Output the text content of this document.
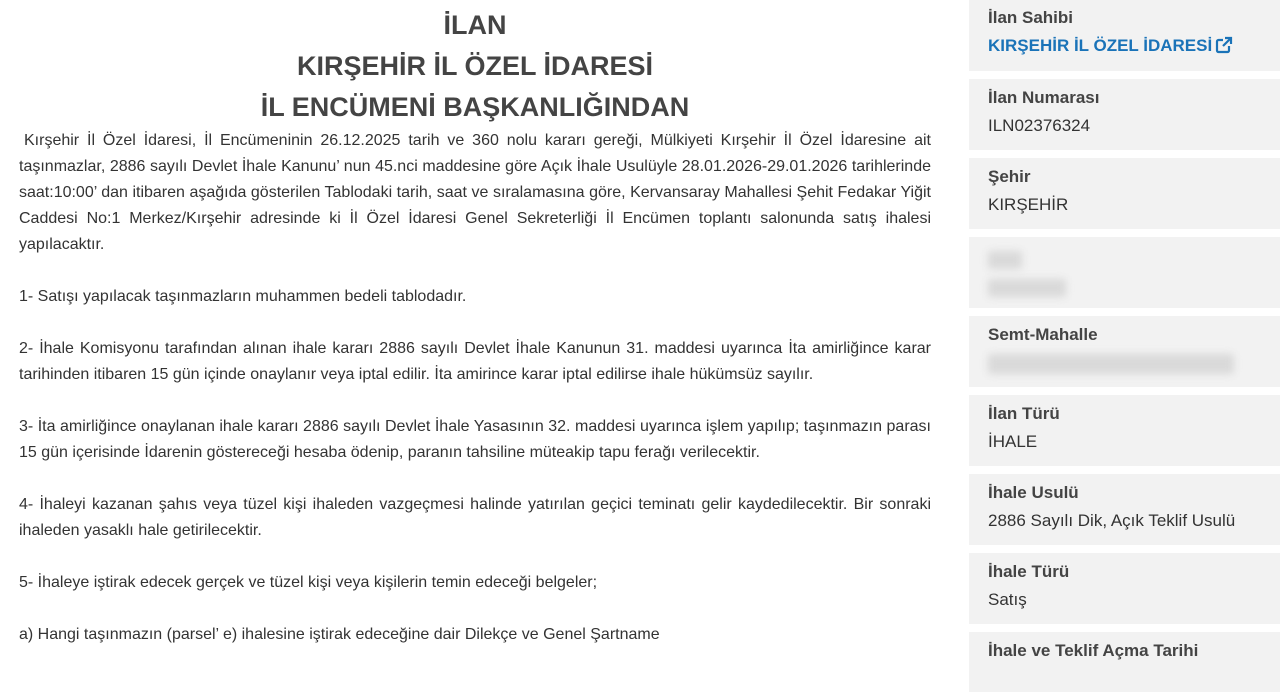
İLAN
KIRŞEHİR İL ÖZEL İDARESİ
İL ENCÜMENİ BAŞKANLIĞINDAN

Kırşehir İl Özel İdaresi, İl Encümeninin 26.12.2025 tarih ve 360 nolu kararı gereği, Mülkiyeti Kırşehir İl Özel İdaresine ait taşınmazlar, 2886 sayılı Devlet İhale Kanunu’ nun 45.nci maddesine göre Açık İhale Usulüyle 28.01.2026-29.01.2026 tarihlerinde saat:10:00’ dan itibaren aşağıda gösterilen Tablodaki tarih, saat ve sıralamasına göre, Kervansaray Mahallesi Şehit Fedakar Yiğit Caddesi No:1 Merkez/Kırşehir adresinde ki İl Özel İdaresi Genel Sekreterliği İl Encümen toplantı salonunda satış ihalesi yapılacaktır.

1- Satışı yapılacak taşınmazların muhammen bedeli tablodadır.

2- İhale Komisyonu tarafından alınan ihale kararı 2886 sayılı Devlet İhale Kanunun 31. maddesi uyarınca İta amirliğince karar tarihinden itibaren 15 gün içinde onaylanır veya iptal edilir. İta amirince karar iptal edilirse ihale hükümsüz sayılır.

3- İta amirliğince onaylanan ihale kararı 2886 sayılı Devlet İhale Yasasının 32. maddesi uyarınca işlem yapılıp; taşınmazın parası 15 gün içerisinde İdarenin göstereceği hesaba ödenip, paranın tahsiline müteakip tapu ferağı verilecektir.

4- İhaleyi kazanan şahıs veya tüzel kişi ihaleden vazgeçmesi halinde yatırılan geçici teminatı gelir kaydedilecektir. Bir sonraki ihaleden yasaklı hale getirilecektir.

5- İhaleye iştirak edecek gerçek ve tüzel kişi veya kişilerin temin edeceği belgeler;

a) Hangi taşınmazın (parsel’ e) ihalesine iştirak edeceğine dair Dilekçe ve Genel Şartname

İlan Sahibi
KIRŞEHİR İL ÖZEL İDARESİ
İlan Numarası
ILN02376324
Şehir
KIRŞEHİR
Semt-Mahalle
İlan Türü
İHALE
İhale Usulü
2886 Sayılı Dik, Açık Teklif Usulü
İhale Türü
Satış
İhale ve Teklif Açma Tarihi
